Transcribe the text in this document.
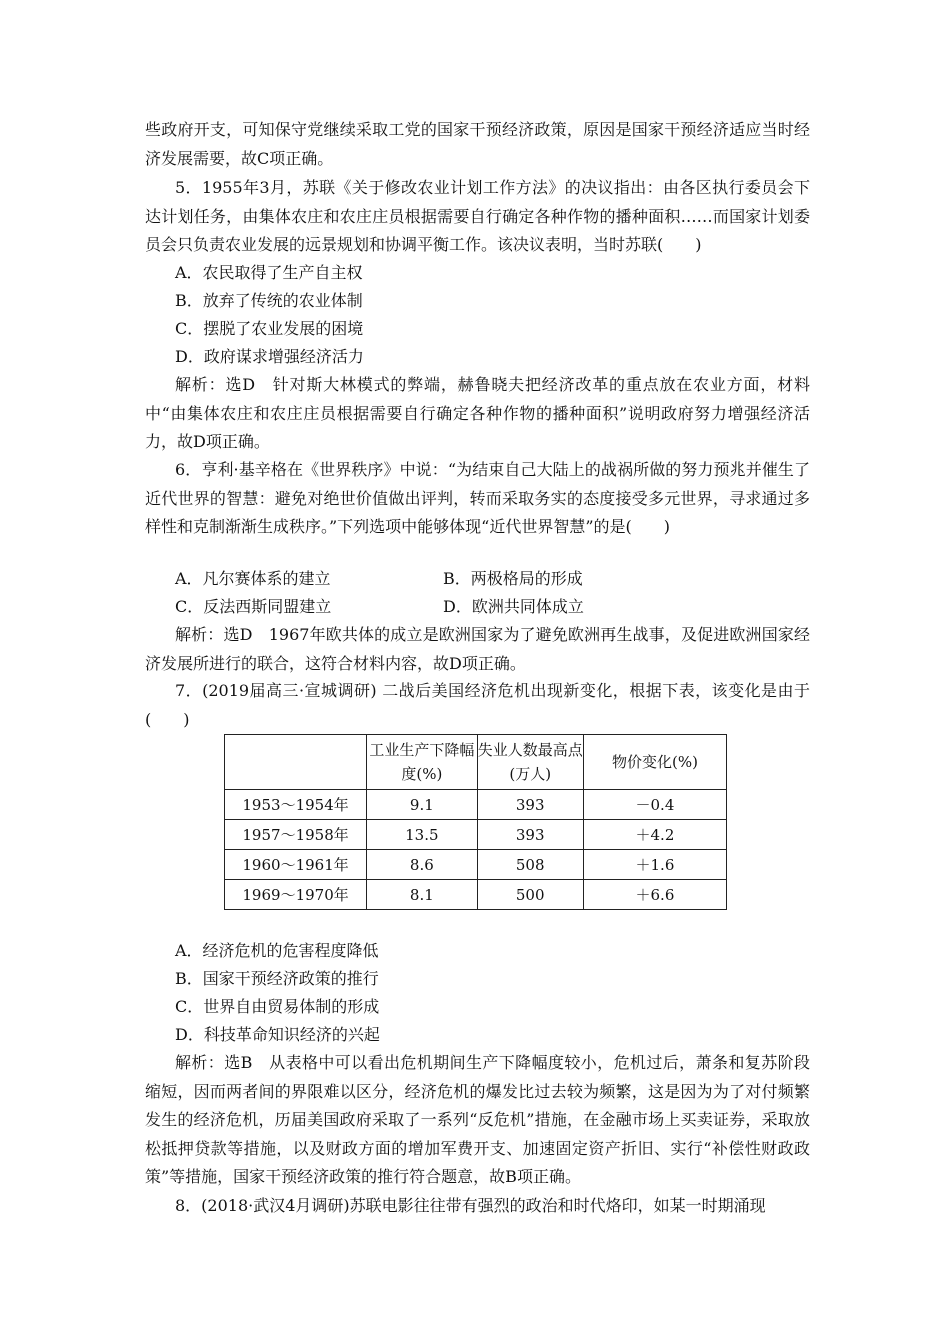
些政府开支，可知保守党继续采取工党的国家干预经济政策，原因是国家干预经济适应当时经济发展需要，故C项正确。
5．1955年3月，苏联《关于修改农业计划工作方法》的决议指出：由各区执行委员会下达计划任务，由集体农庄和农庄庄员根据需要自行确定各种作物的播种面积……而国家计划委员会只负责农业发展的远景规划和协调平衡工作。该决议表明，当时苏联(　　)
A．农民取得了生产自主权
B．放弃了传统的农业体制
C．摆脱了农业发展的困境
D．政府谋求增强经济活力
解析：选D　针对斯大林模式的弊端，赫鲁晓夫把经济改革的重点放在农业方面，材料中“由集体农庄和农庄庄员根据需要自行确定各种作物的播种面积”说明政府努力增强经济活力，故D项正确。
6．亨利·基辛格在《世界秩序》中说：“为结束自己大陆上的战祸所做的努力预兆并催生了近代世界的智慧：避免对绝世价值做出评判，转而采取务实的态度接受多元世界，寻求通过多样性和克制渐渐生成秩序。”下列选项中能够体现“近代世界智慧”的是(　　)
A．凡尔赛体系的建立	B．两极格局的形成
C．反法西斯同盟建立	D．欧洲共同体成立
解析：选D　1967年欧共体的成立是欧洲国家为了避免欧洲再生战事，及促进欧洲国家经济发展所进行的联合，这符合材料内容，故D项正确。
7．(2019届高三·宣城调研) 二战后美国经济危机出现新变化，根据下表，该变化是由于(　　)
	工业生产下降幅度(%)	失业人数最高点(万人)	物价变化(%)
1953～1954年	9.1	393	－0.4
1957～1958年	13.5	393	＋4.2
1960～1961年	8.6	508	＋1.6
1969～1970年	8.1	500	＋6.6
A．经济危机的危害程度降低
B．国家干预经济政策的推行
C．世界自由贸易体制的形成
D．科技革命知识经济的兴起
解析：选B　从表格中可以看出危机期间生产下降幅度较小，危机过后，萧条和复苏阶段缩短，因而两者间的界限难以区分，经济危机的爆发比过去较为频繁，这是因为为了对付频繁发生的经济危机，历届美国政府采取了一系列“反危机”措施，在金融市场上买卖证券，采取放松抵押贷款等措施，以及财政方面的增加军费开支、加速固定资产折旧、实行“补偿性财政政策”等措施，国家干预经济政策的推行符合题意，故B项正确。
8．(2018·武汉4月调研)苏联电影往往带有强烈的政治和时代烙印，如某一时期涌现
